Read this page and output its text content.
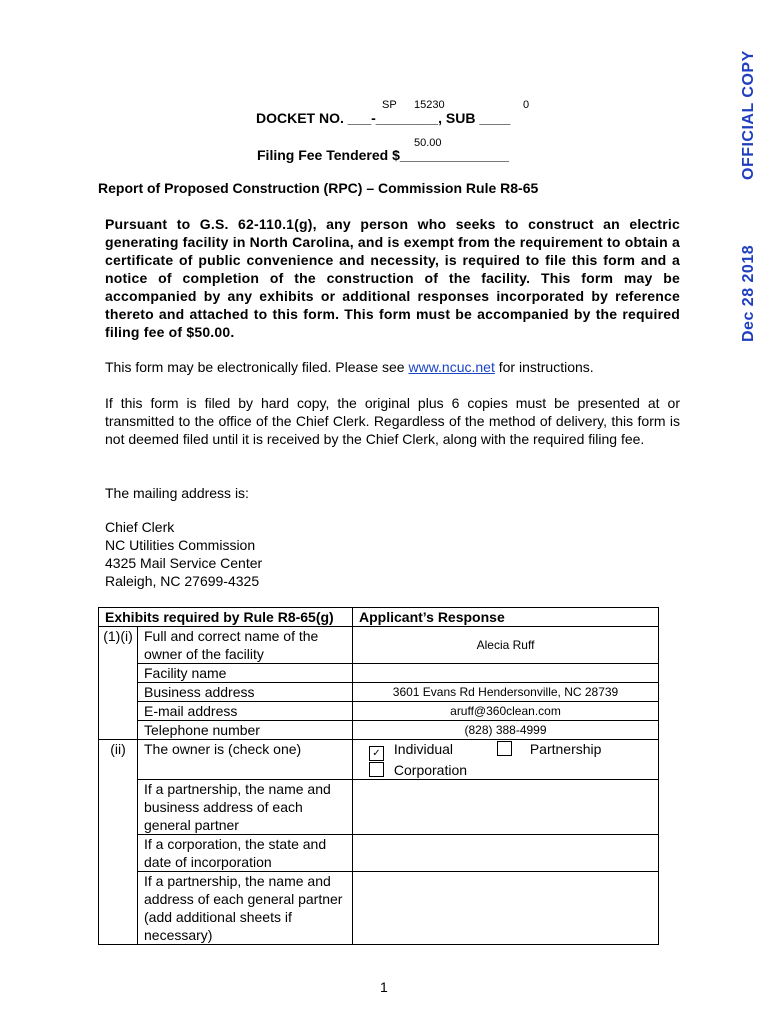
OFFICIAL COPY
Dec 28 2018
SP 15230	0
DOCKET NO. ___-________, SUB ____
50.00
Filing Fee Tendered $______________
Report of Proposed Construction (RPC) – Commission Rule R8-65
Pursuant to G.S. 62-110.1(g), any person who seeks to construct an electric generating facility in North Carolina, and is exempt from the requirement to obtain a certificate of public convenience and necessity, is required to file this form and a notice of completion of the construction of the facility. This form may be accompanied by any exhibits or additional responses incorporated by reference thereto and attached to this form. This form must be accompanied by the required filing fee of $50.00.
This form may be electronically filed. Please see www.ncuc.net for instructions.
If this form is filed by hard copy, the original plus 6 copies must be presented at or transmitted to the office of the Chief Clerk. Regardless of the method of delivery, this form is not deemed filed until it is received by the Chief Clerk, along with the required filing fee.
The mailing address is:
Chief Clerk
NC Utilities Commission
4325 Mail Service Center
Raleigh, NC 27699-4325
Exhibits required by Rule R8-65(g)		Applicant’s Response
(1)(i)	Full and correct name of the owner of the facility	Alecia Ruff
	Facility name	
	Business address	3601 Evans Rd Hendersonville, NC 28739
	E-mail address	aruff@360clean.com
	Telephone number	(828) 388-4999
(ii)	The owner is (check one)	✓ Individual Partnership
Corporation
	If a partnership, the name and business address of each general partner	
	If a corporation, the state and date of incorporation	
	If a partnership, the name and address of each general partner (add additional sheets if necessary)	
1
